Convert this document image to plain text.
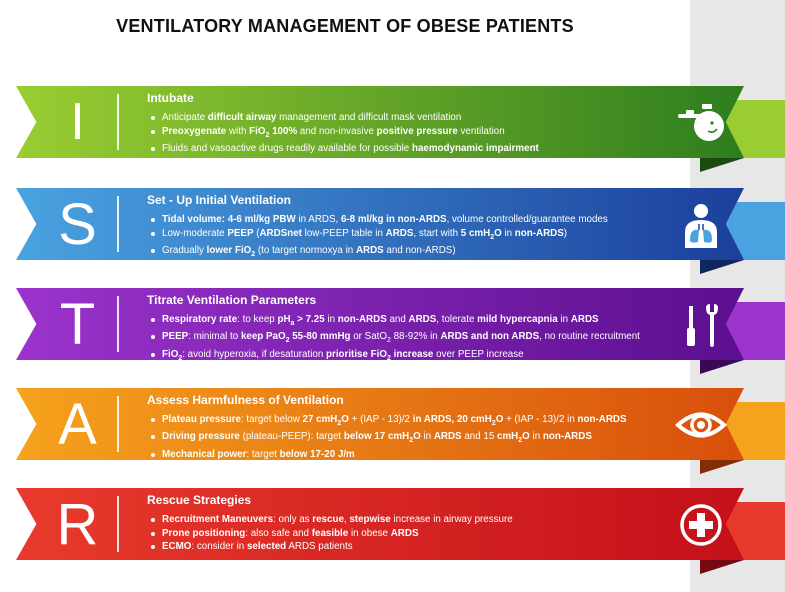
VENTILATORY MANAGEMENT OF OBESE PATIENTS
I	Intubate
Anticipate difficult airway management and difficult mask ventilation
Preoxygenate with FiO$_2$ 100% and non-invasive positive pressure ventilation
Fluids and vasoactive drugs readily available for possible haemodynamic impairment
S	Set - Up Initial Ventilation
Tidal volume: 4-6 ml/kg PBW in ARDS, 6-8 ml/kg in non-ARDS, volume controlled/guarantee modes
Low-moderate PEEP (ARDSnet low-PEEP table in ARDS, start with 5 cmH$_2$O in non-ARDS)
Gradually lower FiO$_2$ (to target normoxya in ARDS and non-ARDS)
T	Titrate Ventilation Parameters
Respiratory rate: to keep $pH_a > 7.25$ in non-ARDS and ARDS, tolerate mild hypercapnia in ARDS
PEEP: minimal to keep PaO$_2$ 55-80 mmHg or SatO$_2$ 88-92% in ARDS and non ARDS, no routine recruitment
FiO$_2$: avoid hyperoxia, if desaturation prioritise FiO$_2$ increase over PEEP increase
A	Assess Harmfulness of Ventilation
Plateau pressure: target below 27 cmH$_2$O + (IAP - 13)/2 in ARDS, 20 cmH$_2$O + (IAP - 13)/2 in non-ARDS
Driving pressure (plateau-PEEP): target below 17 cmH$_2$O in ARDS and 15 cmH$_2$O in non-ARDS
Mechanical power: target below 17-20 J/m
R	Rescue Strategies
Recruitment Maneuvers: only as rescue, stepwise increase in airway pressure
Prone positioning: also safe and feasible in obese ARDS
ECMO: consider in selected ARDS patients
